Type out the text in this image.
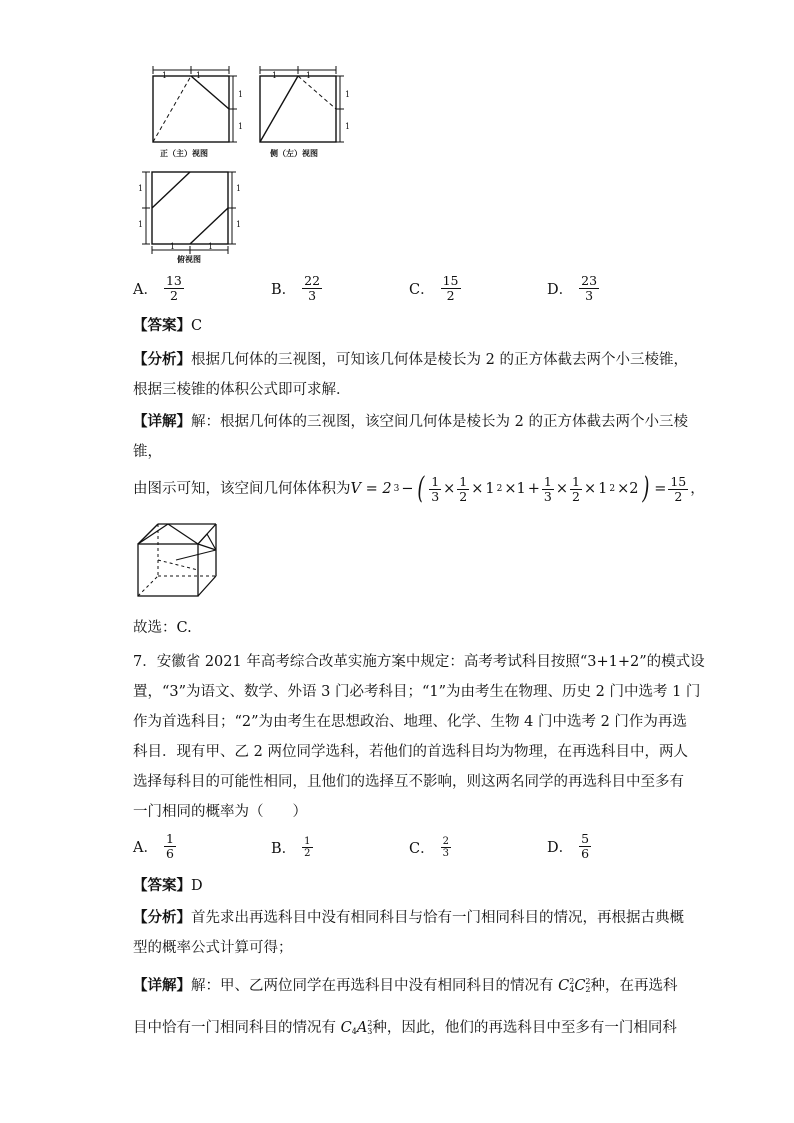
1	1
1
1
正（主）视图
1	1
1
1
侧（左）视图
1
1
1
1
1	1
俯视图
A． $\frac{13}{2}$	B． $\frac{22}{3}$	C． $\frac{15}{2}$	D． $\frac{23}{3}$
【答案】C
【分析】根据几何体的三视图，可知该几何体是棱长为 2 的正方体截去两个小三棱锥，
根据三棱锥的体积公式即可求解．
【详解】解：根据几何体的三视图，该空间几何体是棱长为 2 的正方体截去两个小三棱
锥，
由图示可知，该空间几何体体积为 V = 2 3 − ( $\frac{1}{3} \times \frac{1}{2} \times 1$ $2 \times 1 + \frac{1}{3} \times \frac{1}{2} \times 1$ 2 ×2 ) = $\frac{15}{2}$ ，
故选：C.
7．安徽省 2021 年高考综合改革实施方案中规定：高考考试科目按照“3+1+2”的模式设
置，“3”为语文、数学、外语 3 门必考科目；“1”为由考生在物理、历史 2 门中选考 1 门
作为首选科目；“2”为由考生在思想政治、地理、化学、生物 4 门中选考 2 门作为再选
科目．现有甲、乙 2 两位同学选科，若他们的首选科目均为物理，在再选科目中，两人
选择每科目的可能性相同，且他们的选择互不影响，则这两名同学的再选科目中至多有
一门相同的概率为（　　）
A． $\frac{1}{6}$	B． $\frac{1}{2}$	C． $\frac{2}{3}$	D． $\frac{5}{6}$
【答案】D
【分析】首先求出再选科目中没有相同科目与恰有一门相同科目的情况，再根据古典概
型的概率公式计算可得；
【详解】解：甲、乙两位同学在再选科目中没有相同科目的情况有 C 2
4 C 2
2 种，在再选科
目中恰有一门相同科目的情况有 C
4 A 2
3 种，因此，他们的再选科目中至多有一门相同科
